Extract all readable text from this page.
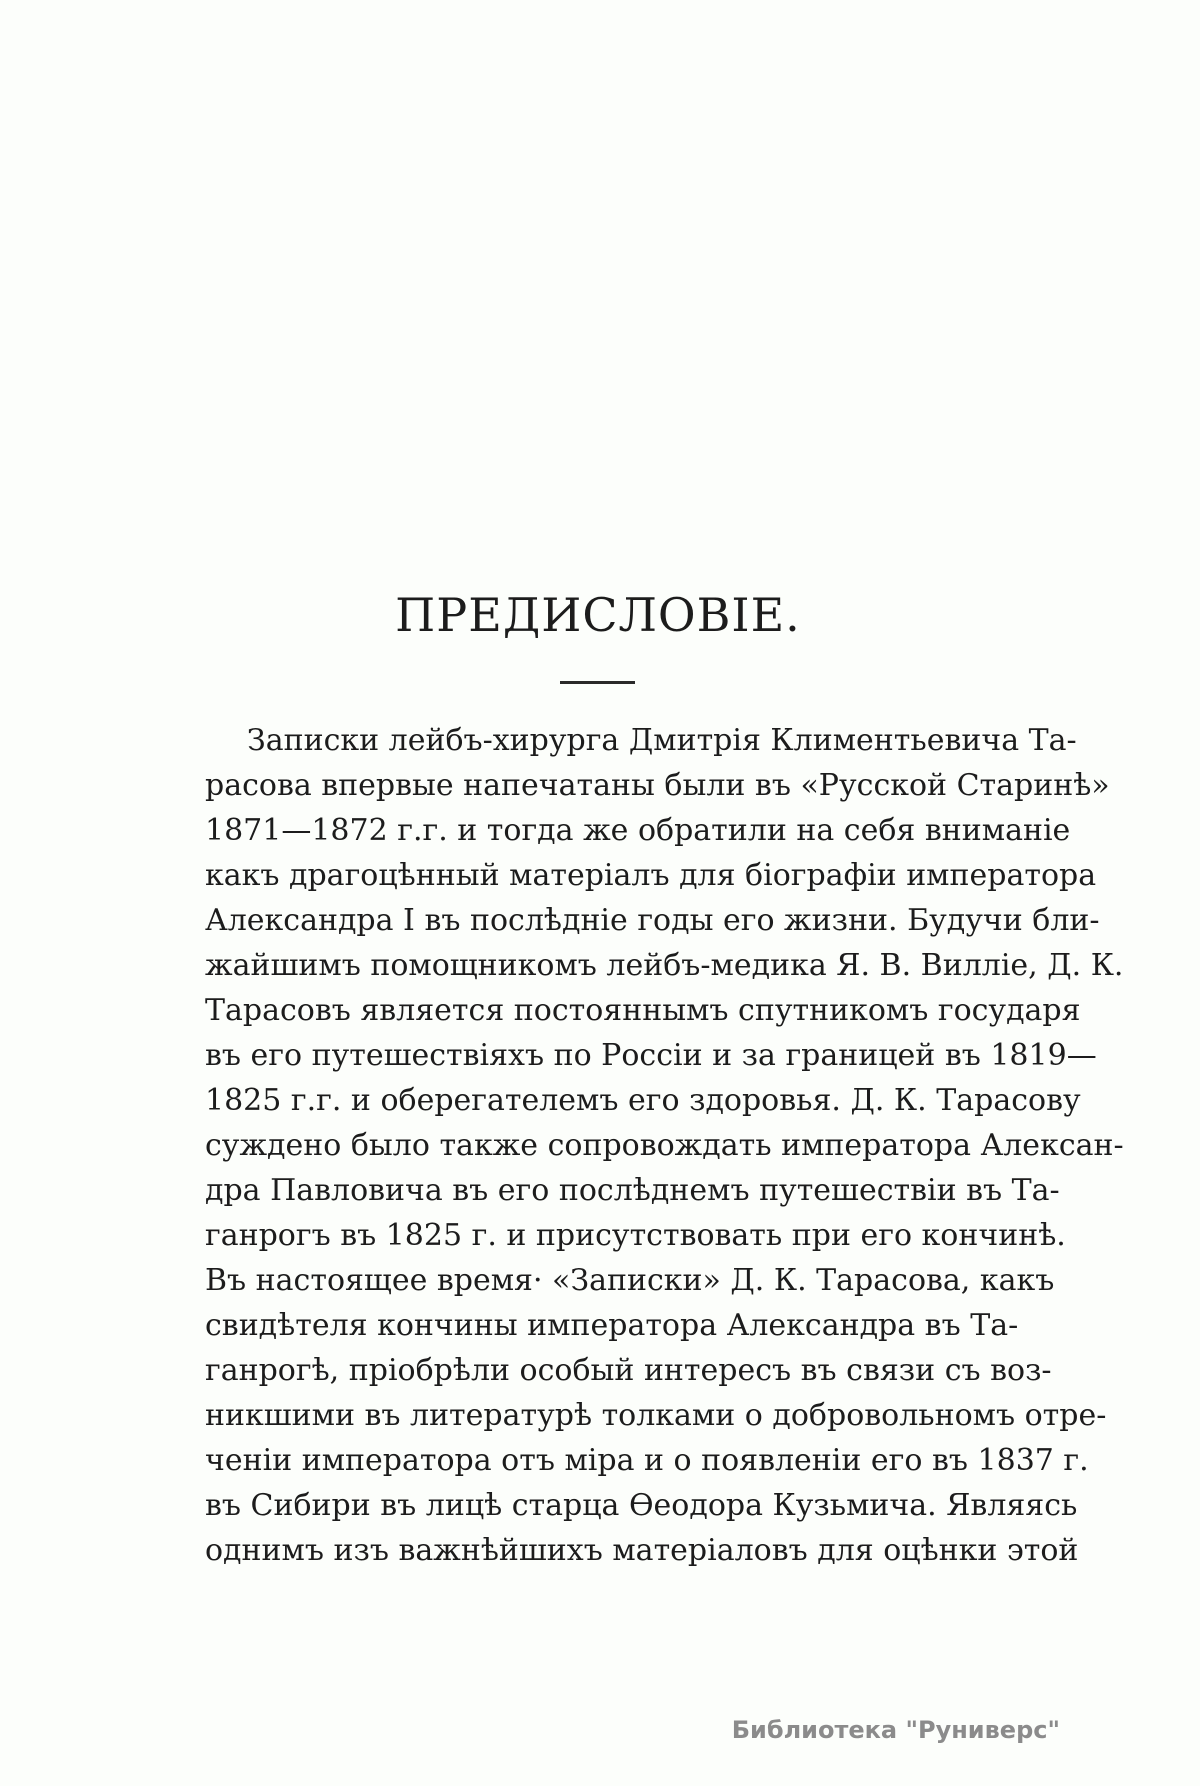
ПРЕДИСЛОВІЕ.
Записки лейбъ-хирурга Дмитрія Климентьевича Та-
расова впервые напечатаны были въ «Русской Старинѣ»
1871—1872 г.г. и тогда же обратили на себя вниманіе
какъ драгоцѣнный матеріалъ для біографіи императора
Александра I въ послѣдніе годы его жизни. Будучи бли-
жайшимъ помощникомъ лейбъ-медика Я. В. Вилліе, Д. К.
Тарасовъ является постояннымъ спутникомъ государя
въ его путешествіяхъ по Россіи и за границей въ 1819—
1825 г.г. и оберегателемъ его здоровья. Д. К. Тарасову
суждено было также сопровождать императора Алексан-
дра Павловича въ его послѣднемъ путешествіи въ Та-
ганрогъ въ 1825 г. и присутствовать при его кончинѣ.
Въ настоящее время· «Записки» Д. К. Тарасова, какъ
свидѣтеля кончины императора Александра въ Та-
ганрогѣ, пріобрѣли особый интересъ въ связи съ воз-
никшими въ литературѣ толками о добровольномъ отре-
ченіи императора отъ міра и о появленіи его въ 1837 г.
въ Сибири въ лицѣ старца Ѳеодора Кузьмича. Являясь
однимъ изъ важнѣйшихъ матеріаловъ для оцѣнки этой
Библиотека "Руниверс"
